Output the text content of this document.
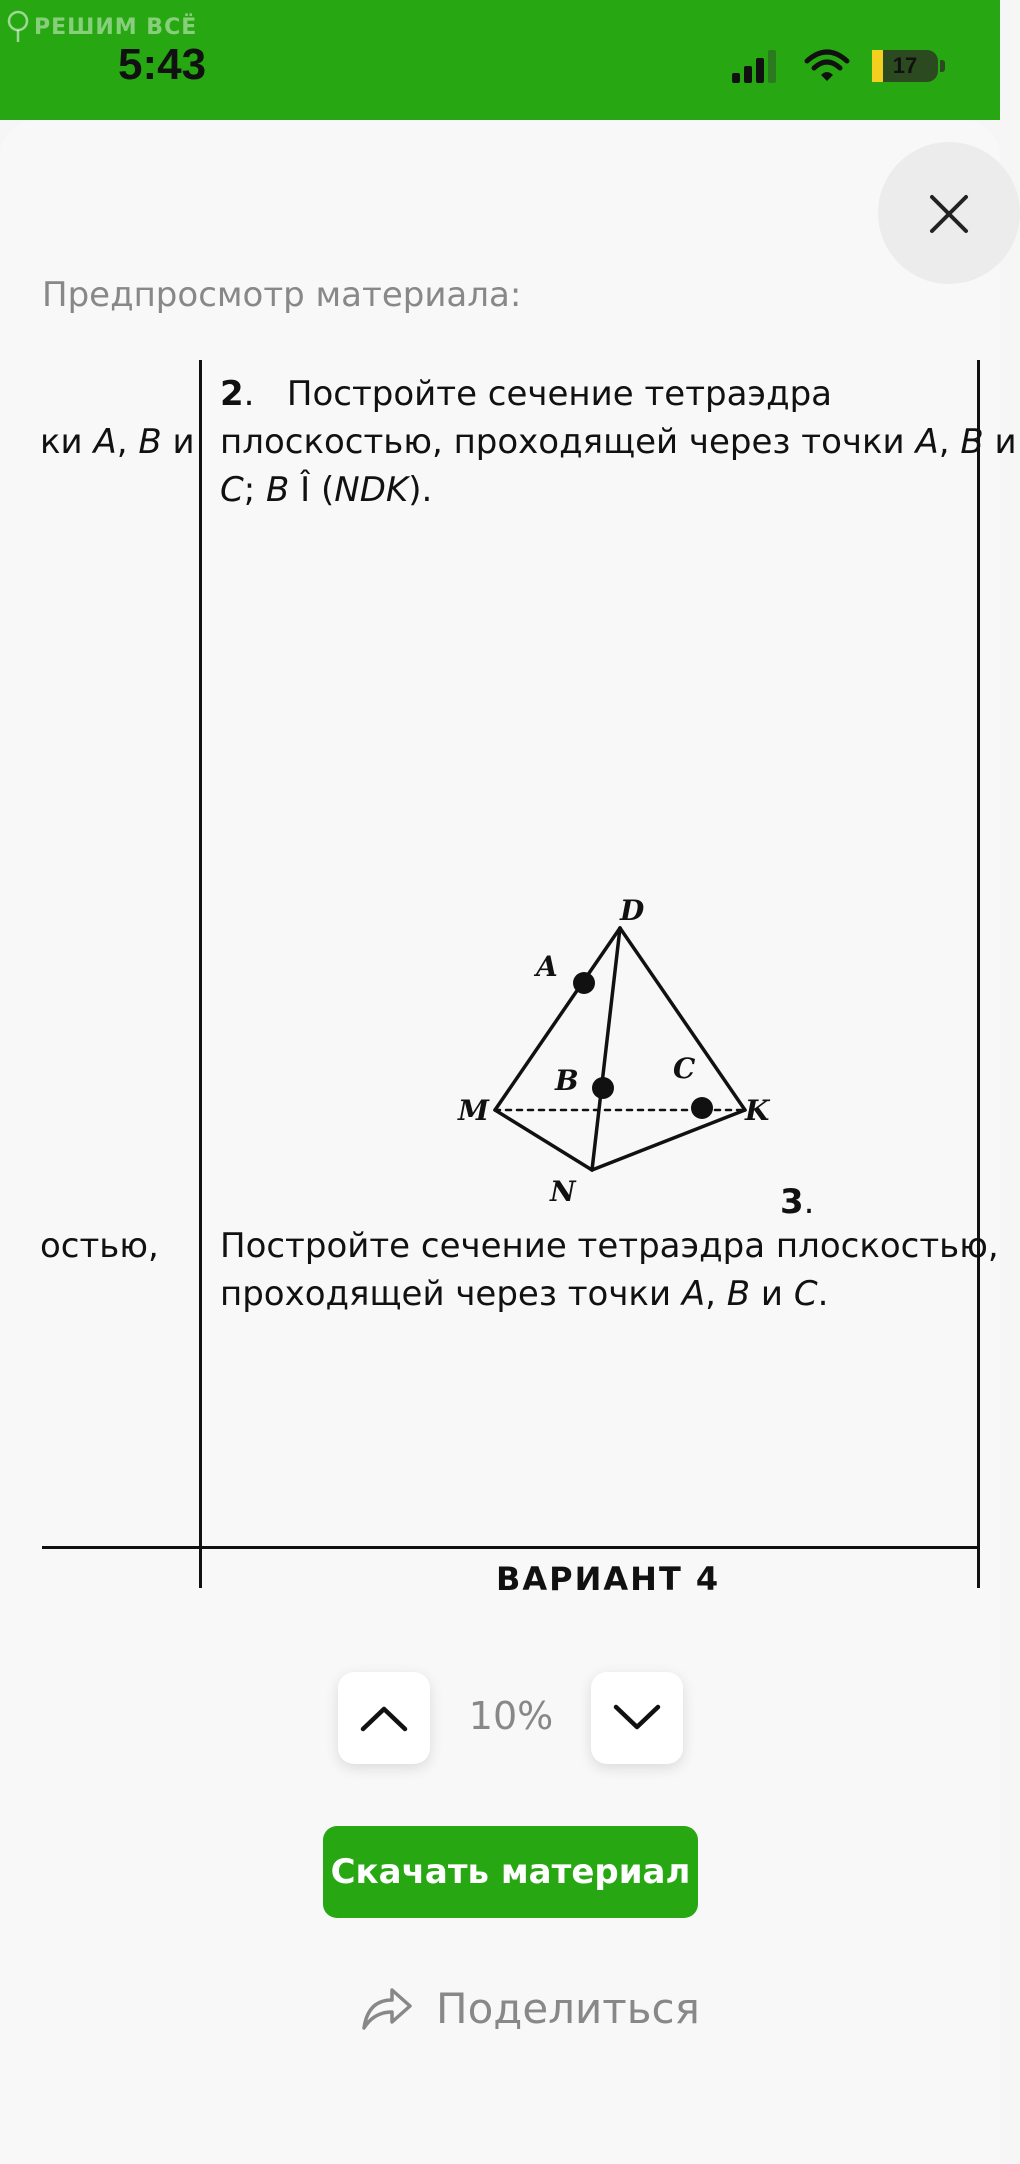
РЕШИМ ВСЁ
5:43	17
Предпросмотр материала:
ки A, B и
остью,
2. Постройте сечение тетраэдра
плоскостью, проходящей через точки A, B и
C; B Î (NDK).
D
A
B	C
M	K
N	3.
Постройте сечение тетраэдра плоскостью,
проходящей через точки A, B и C.
ВАРИАНТ 4
10%
Скачать материал
Поделиться
